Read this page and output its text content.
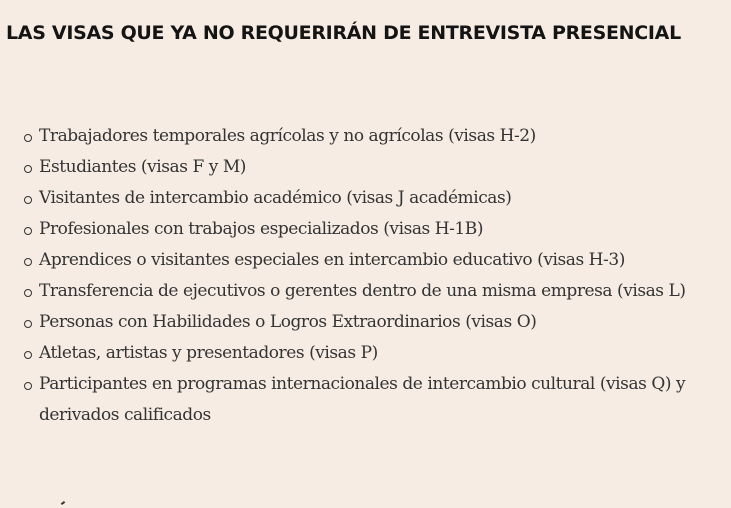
LAS VISAS QUE YA NO REQUERIRÁN DE ENTREVISTA PRESENCIAL
Trabajadores temporales agrícolas y no agrícolas (visas H-2)
Estudiantes (visas F y M)
Visitantes de intercambio académico (visas J académicas)
Profesionales con trabajos especializados (visas H-1B)
Aprendices o visitantes especiales en intercambio educativo (visas H-3)
Transferencia de ejecutivos o gerentes dentro de una misma empresa (visas L)
Personas con Habilidades o Logros Extraordinarios (visas O)
Atletas, artistas y presentadores (visas P)
Participantes en programas internacionales de intercambio cultural (visas Q) y derivados calificados
